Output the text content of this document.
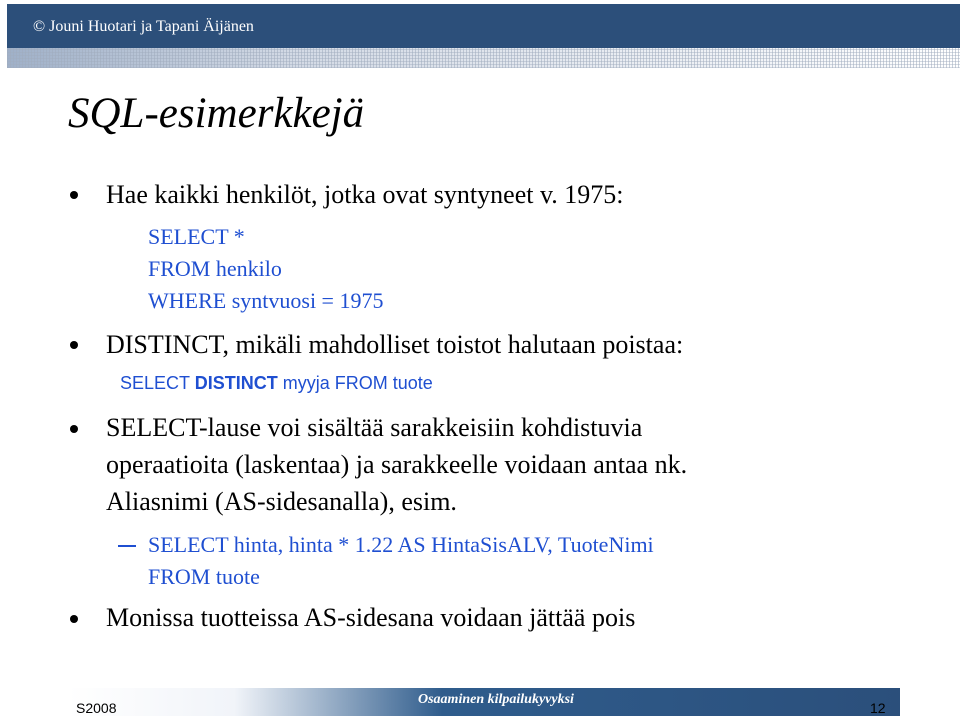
© Jouni Huotari ja Tapani Äijänen
SQL-esimerkkejä
Hae kaikki henkilöt, jotka ovat syntyneet v. 1975:
SELECT *
FROM henkilo
WHERE syntvuosi = 1975
DISTINCT, mikäli mahdolliset toistot halutaan poistaa:
SELECT DISTINCT myyja FROM tuote
SELECT-lause voi sisältää sarakkeisiin kohdistuvia
operaatioita (laskentaa) ja sarakkeelle voidaan antaa nk.
Aliasnimi (AS-sidesanalla), esim.
SELECT hinta, hinta * 1.22 AS HintaSisALV, TuoteNimi
FROM tuote
Monissa tuotteissa AS-sidesana voidaan jättää pois
S2008
Osaaminen kilpailukyvyksi
12
